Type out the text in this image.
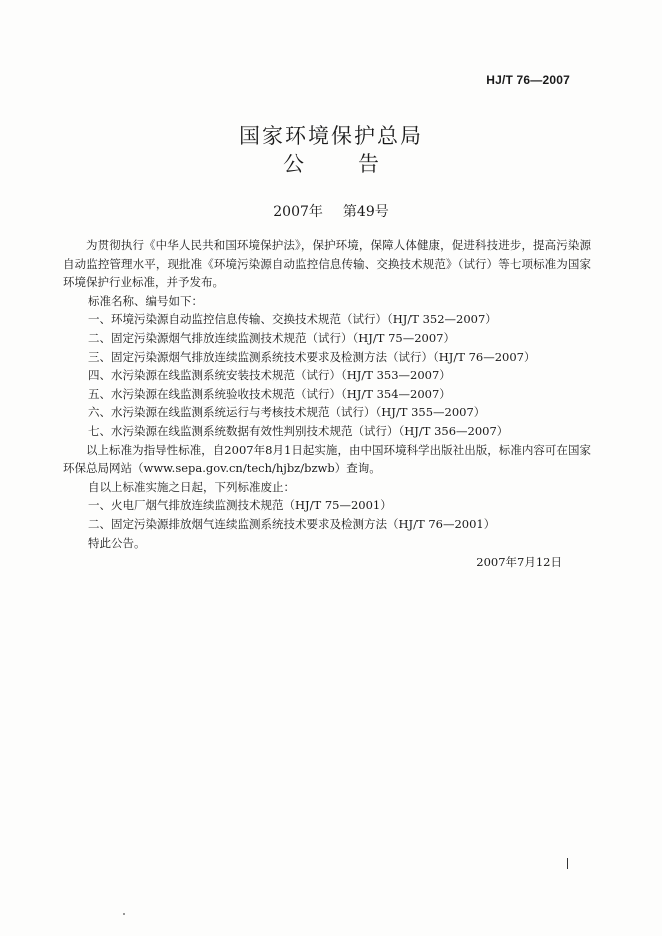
HJ/T 76—2007
国家环境保护总局
公	告
2007年 第49号

为贯彻执行《中华人民共和国环境保护法》，保护环境，保障人体健康，促进科技进步，提高污染源自动监控管理水平，现批准《环境污染源自动监控信息传输、交换技术规范》（试行）等七项标准为国家环境保护行业标准，并予发布。

标准名称、编号如下：

一、环境污染源自动监控信息传输、交换技术规范（试行）（HJ/T 352—2007）

二、固定污染源烟气排放连续监测技术规范（试行）（HJ/T 75—2007）

三、固定污染源烟气排放连续监测系统技术要求及检测方法（试行）（HJ/T 76—2007）

四、水污染源在线监测系统安装技术规范（试行）（HJ/T 353—2007）

五、水污染源在线监测系统验收技术规范（试行）（HJ/T 354—2007）

六、水污染源在线监测系统运行与考核技术规范（试行）（HJ/T 355—2007）

七、水污染源在线监测系统数据有效性判别技术规范（试行）（HJ/T 356—2007）

以上标准为指导性标准，自2007年8月1日起实施，由中国环境科学出版社出版，标准内容可在国家环保总局网站（www.sepa.gov.cn/tech/hjbz/bzwb）查询。

自以上标准实施之日起，下列标准废止：

一、火电厂烟气排放连续监测技术规范（HJ/T 75—2001）

二、固定污染源排放烟气连续监测系统技术要求及检测方法（HJ/T 76—2001）

特此公告。

2007年7月12日
